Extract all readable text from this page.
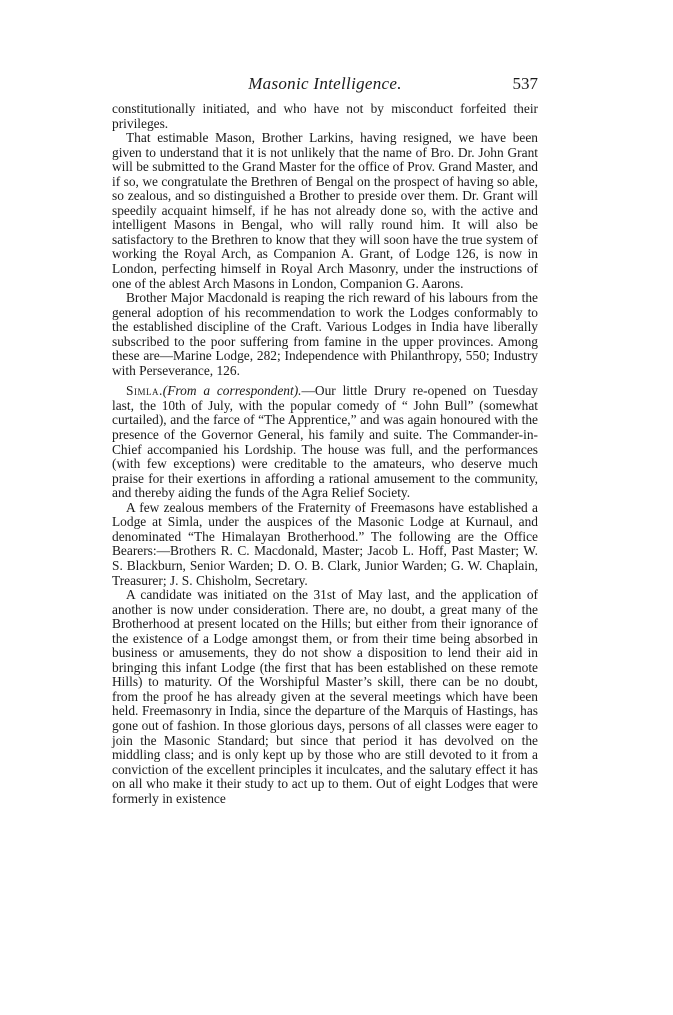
Masonic Intelligence.	537

constitutionally initiated, and who have not by misconduct forfeited their privileges.

That estimable Mason, Brother Larkins, having resigned, we have been given to understand that it is not unlikely that the name of Bro. Dr. John Grant will be submitted to the Grand Master for the office of Prov. Grand Master, and if so, we congratulate the Brethren of Bengal on the prospect of having so able, so zealous, and so distinguished a Brother to preside over them. Dr. Grant will speedily acquaint himself, if he has not already done so, with the active and intelligent Masons in Bengal, who will rally round him. It will also be satisfactory to the Brethren to know that they will soon have the true system of working the Royal Arch, as Companion A. Grant, of Lodge 126, is now in London, perfecting himself in Royal Arch Masonry, under the instructions of one of the ablest Arch Masons in London, Companion G. Aarons.

Brother Major Macdonald is reaping the rich reward of his labours from the general adoption of his recommendation to work the Lodges conformably to the established discipline of the Craft. Various Lodges in India have liberally subscribed to the poor suffering from famine in the upper provinces. Among these are—Marine Lodge, 282; Independence with Philanthropy, 550; Industry with Perseverance, 126.

Simla.(From a correspondent).—Our little Drury re-opened on Tuesday last, the 10th of July, with the popular comedy of “ John Bull” (somewhat curtailed), and the farce of “The Apprentice,” and was again honoured with the presence of the Governor General, his family and suite. The Commander-in-Chief accompanied his Lordship. The house was full, and the performances (with few exceptions) were creditable to the amateurs, who deserve much praise for their exertions in affording a rational amusement to the community, and thereby aiding the funds of the Agra Relief Society.

A few zealous members of the Fraternity of Freemasons have established a Lodge at Simla, under the auspices of the Masonic Lodge at Kurnaul, and denominated “The Himalayan Brotherhood.” The following are the Office Bearers:—Brothers R. C. Macdonald, Master; Jacob L. Hoff, Past Master; W. S. Blackburn, Senior Warden; D. O. B. Clark, Junior Warden; G. W. Chaplain, Treasurer; J. S. Chisholm, Secretary.

A candidate was initiated on the 31st of May last, and the application of another is now under consideration. There are, no doubt, a great many of the Brotherhood at present located on the Hills; but either from their ignorance of the existence of a Lodge amongst them, or from their time being absorbed in business or amusements, they do not show a disposition to lend their aid in bringing this infant Lodge (the first that has been established on these remote Hills) to maturity. Of the Worshipful Master’s skill, there can be no doubt, from the proof he has already given at the several meetings which have been held. Freemasonry in India, since the departure of the Marquis of Hastings, has gone out of fashion. In those glorious days, persons of all classes were eager to join the Masonic Standard; but since that period it has devolved on the middling class; and is only kept up by those who are still devoted to it from a conviction of the excellent principles it inculcates, and the salutary effect it has on all who make it their study to act up to them. Out of eight Lodges that were formerly in existence
